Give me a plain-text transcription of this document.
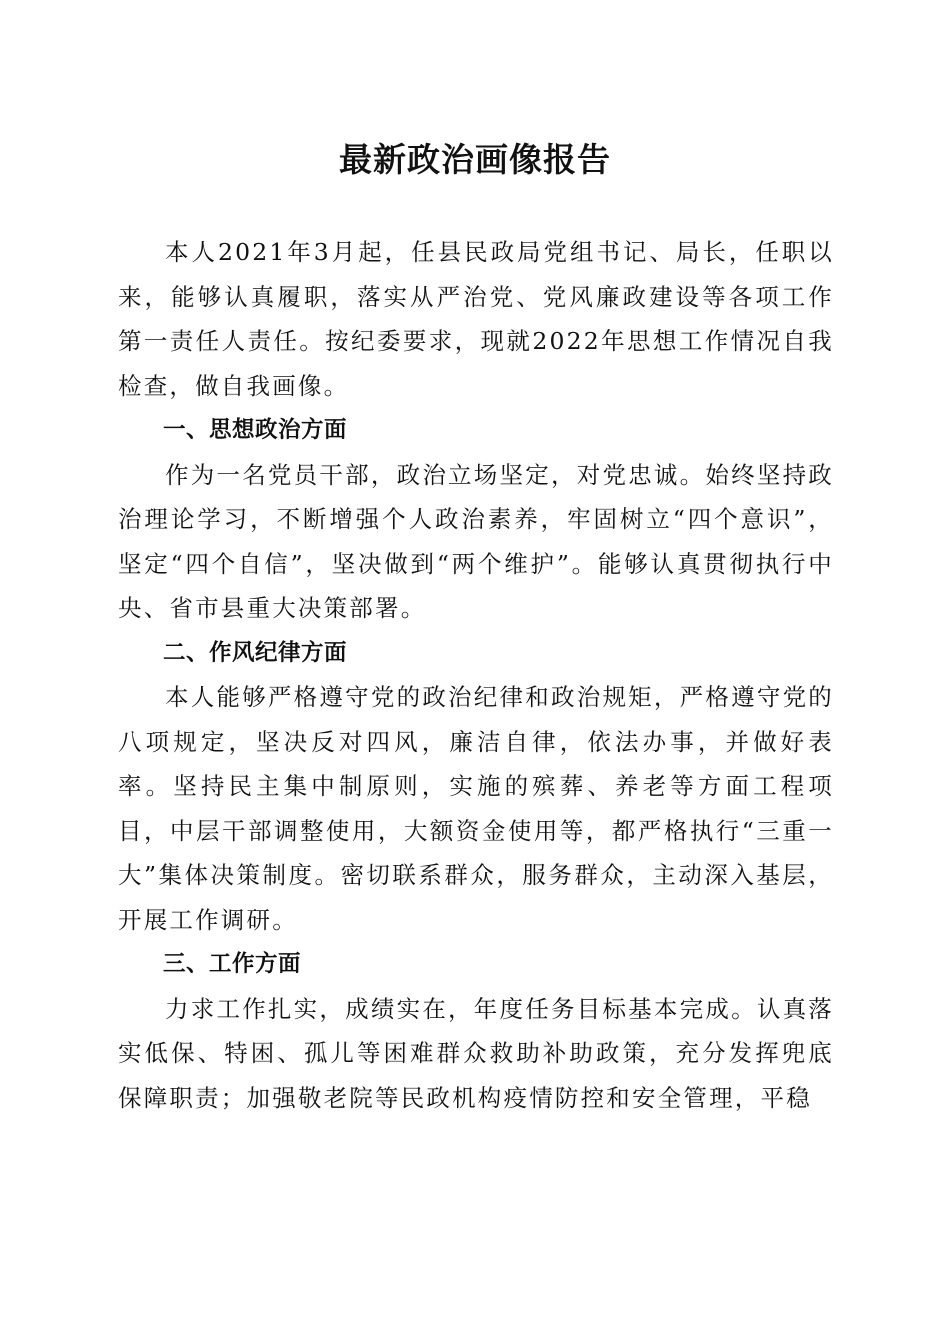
最新政治画像报告

本人2021年3月起，任县民政局党组书记、局长，任职以来，能够认真履职，落实从严治党、党风廉政建设等各项工作第一责任人责任。按纪委要求，现就2022年思想工作情况自我检查，做自我画像。

一、思想政治方面

作为一名党员干部，政治立场坚定，对党忠诚。始终坚持政治理论学习，不断增强个人政治素养，牢固树立“四个意识”，坚定“四个自信”，坚决做到“两个维护”。能够认真贯彻执行中央、省市县重大决策部署。

二、作风纪律方面

本人能够严格遵守党的政治纪律和政治规矩，严格遵守党的八项规定，坚决反对四风，廉洁自律，依法办事，并做好表率。坚持民主集中制原则，实施的殡葬、养老等方面工程项目，中层干部调整使用，大额资金使用等，都严格执行“三重一大”集体决策制度。密切联系群众，服务群众，主动深入基层，开展工作调研。

三、工作方面

力求工作扎实，成绩实在，年度任务目标基本完成。认真落实低保、特困、孤儿等困难群众救助补助政策，充分发挥兜底保障职责；加强敬老院等民政机构疫情防控和安全管理，平稳
